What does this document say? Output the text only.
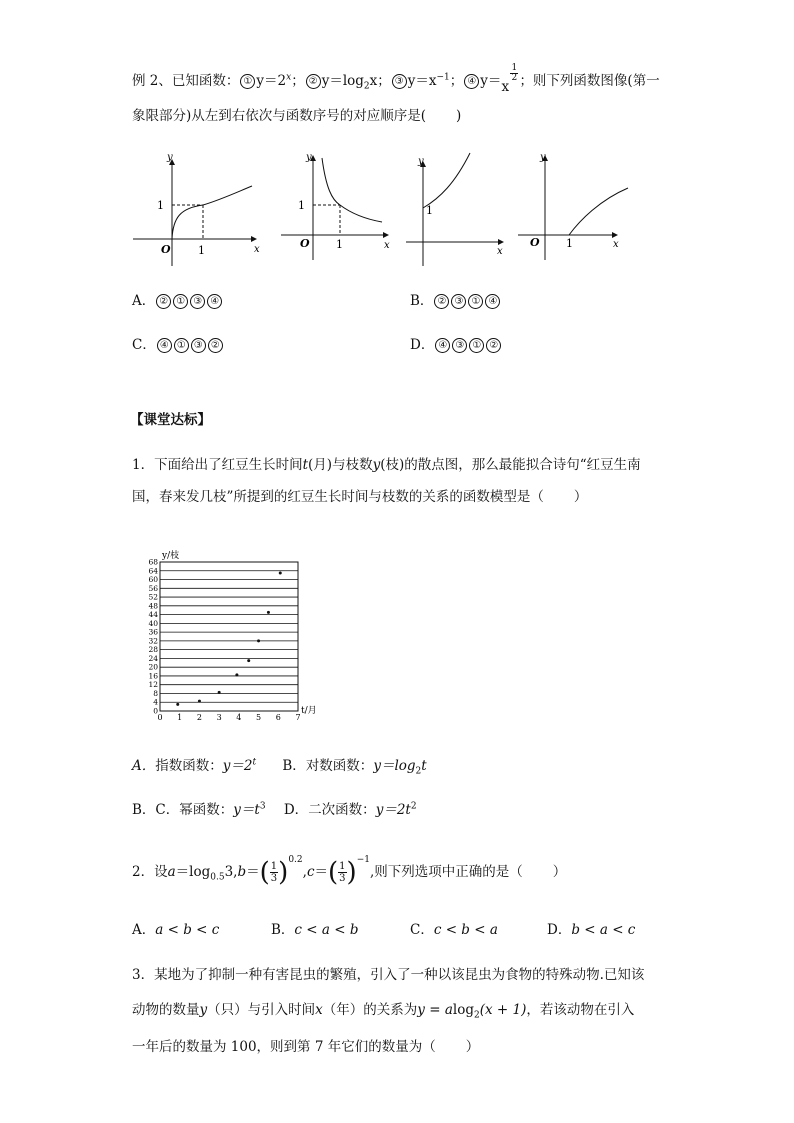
例 2、已知函数： ① $y=2^x$； ② $y=\log_2x$； ③ $y=x^{-1}$； ④ y＝ x
$\frac{1}{2}$ ；则下列函数图像(第一
象限部分)从左到右依次与函数序号的对应顺序是( )
y
x
O 1
1
y
x
O 1
1
y
x
1
y
x
O 1
A． ② ① ③ ④	B． ② ③ ① ④
C． ④ ① ③ ②	D． ④ ③ ① ②
【课堂达标】
1．下面给出了红豆生长时间t(月)与枝数y(枝)的散点图，那么最能拟合诗句“红豆生南
国，春来发几枝”所提到的红豆生长时间与枝数的关系的函数模型是（ ）
0
4
8
12
16
20
24
28
32
36
40
44
48
52
56
60
64
68
0 1 2 3 4 5 6 7
y/枝
t/月
A．指数函数：$y=2^t$ B．对数函数：$y=\log_2t$
B．C．幂函数：$y=t^3$ D．二次函数：$y=2t^2$
2．设$a=\log_{0.5}3,b=( \frac{1}{3} )^{0.2},c=( \frac{1}{3} )^{-1}$,则下列选项中正确的是（ ）
A．a < b < c	B．c < a < b	C．c < b < a	D．b < a < c
3．某地为了抑制一种有害昆虫的繁殖，引入了一种以该昆虫为食物的特殊动物.已知该
动物的数量y（只）与引入时间x（年）的关系为y = alog$_2$(x + 1)，若该动物在引入
一年后的数量为 100，则到第 7 年它们的数量为（ ）
